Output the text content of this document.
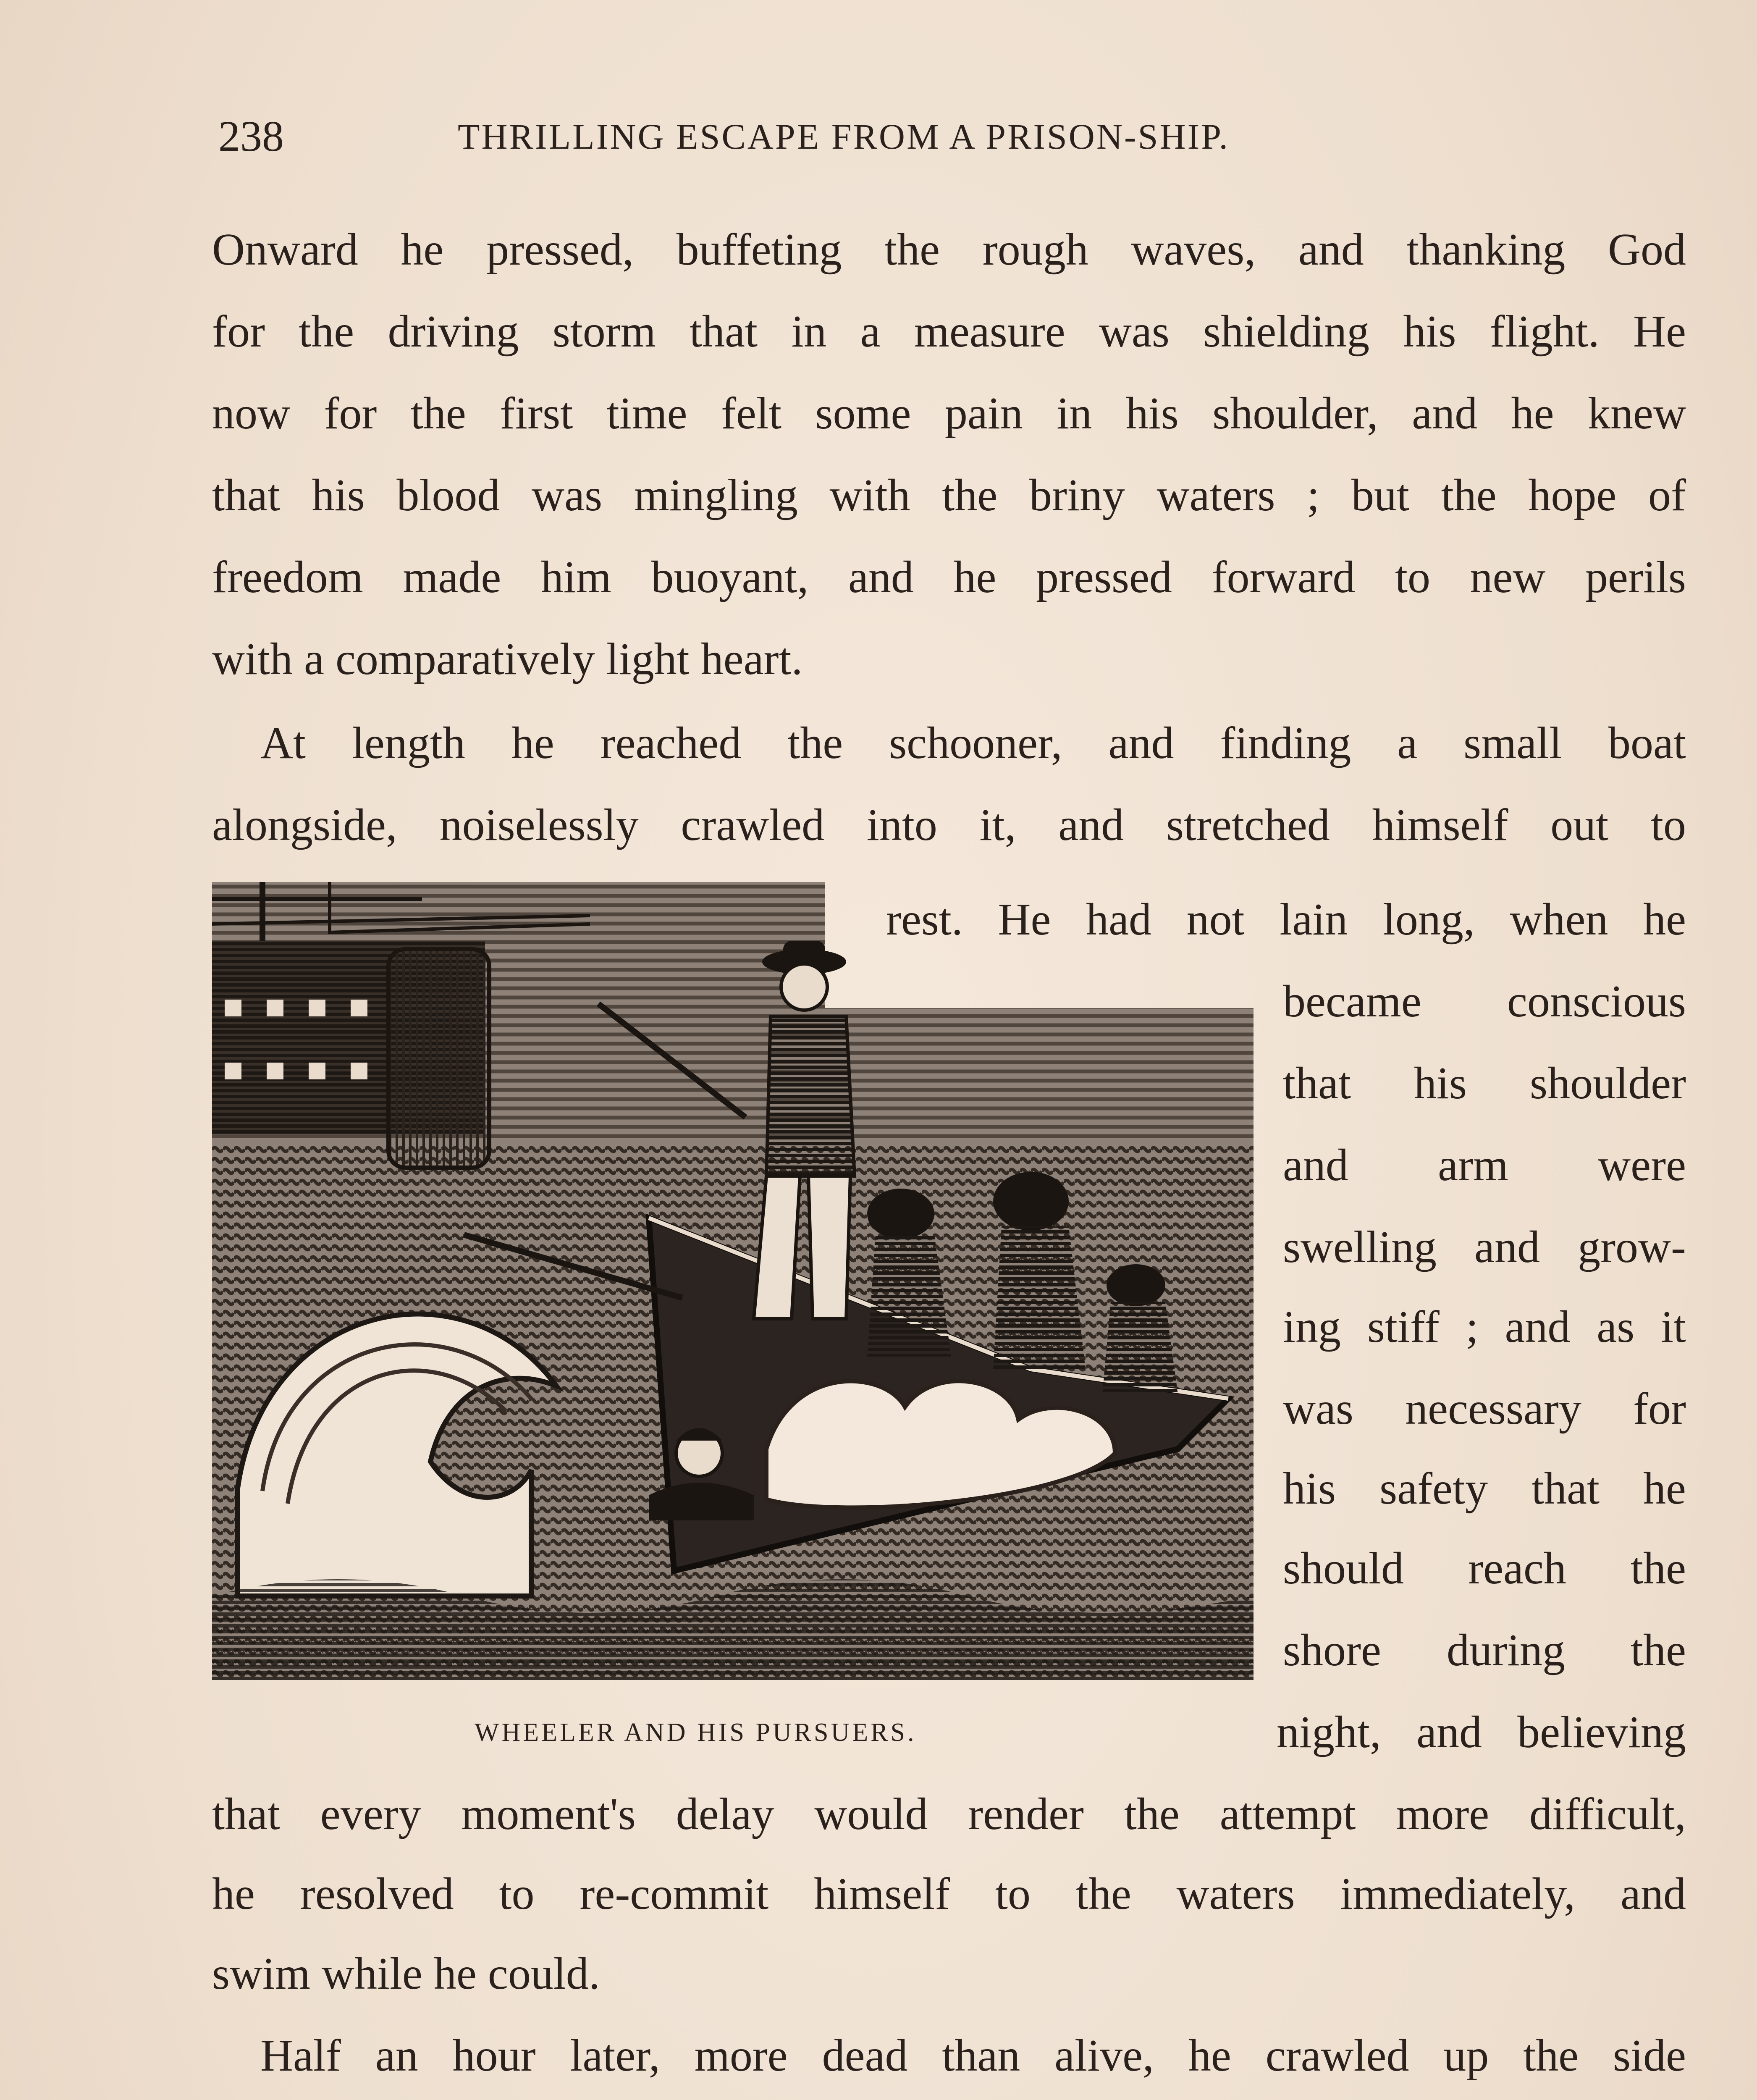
238	THRILLING ESCAPE FROM A PRISON-SHIP.
Onward he pressed, buffeting the rough waves, and thanking God
for the driving storm that in a measure was shielding his flight. He
now for the first time felt some pain in his shoulder, and he knew
that his blood was mingling with the briny waters ; but the hope of
freedom made him buoyant, and he pressed forward to new perils
with a comparatively light heart.
At length he reached the schooner, and finding a small boat
alongside, noiselessly crawled into it, and stretched himself out to
rest. He had not lain long, when he
became conscious
that his shoulder
and arm were
swelling and grow-
ing stiff ; and as it
was necessary for
his safety that he
should reach the
shore during the
night, and believing
that every moment's delay would render the attempt more difficult,
he resolved to re-commit himself to the waters immediately, and
swim while he could.
Half an hour later, more dead than alive, he crawled up the side
WHEELER AND HIS PURSUERS.
